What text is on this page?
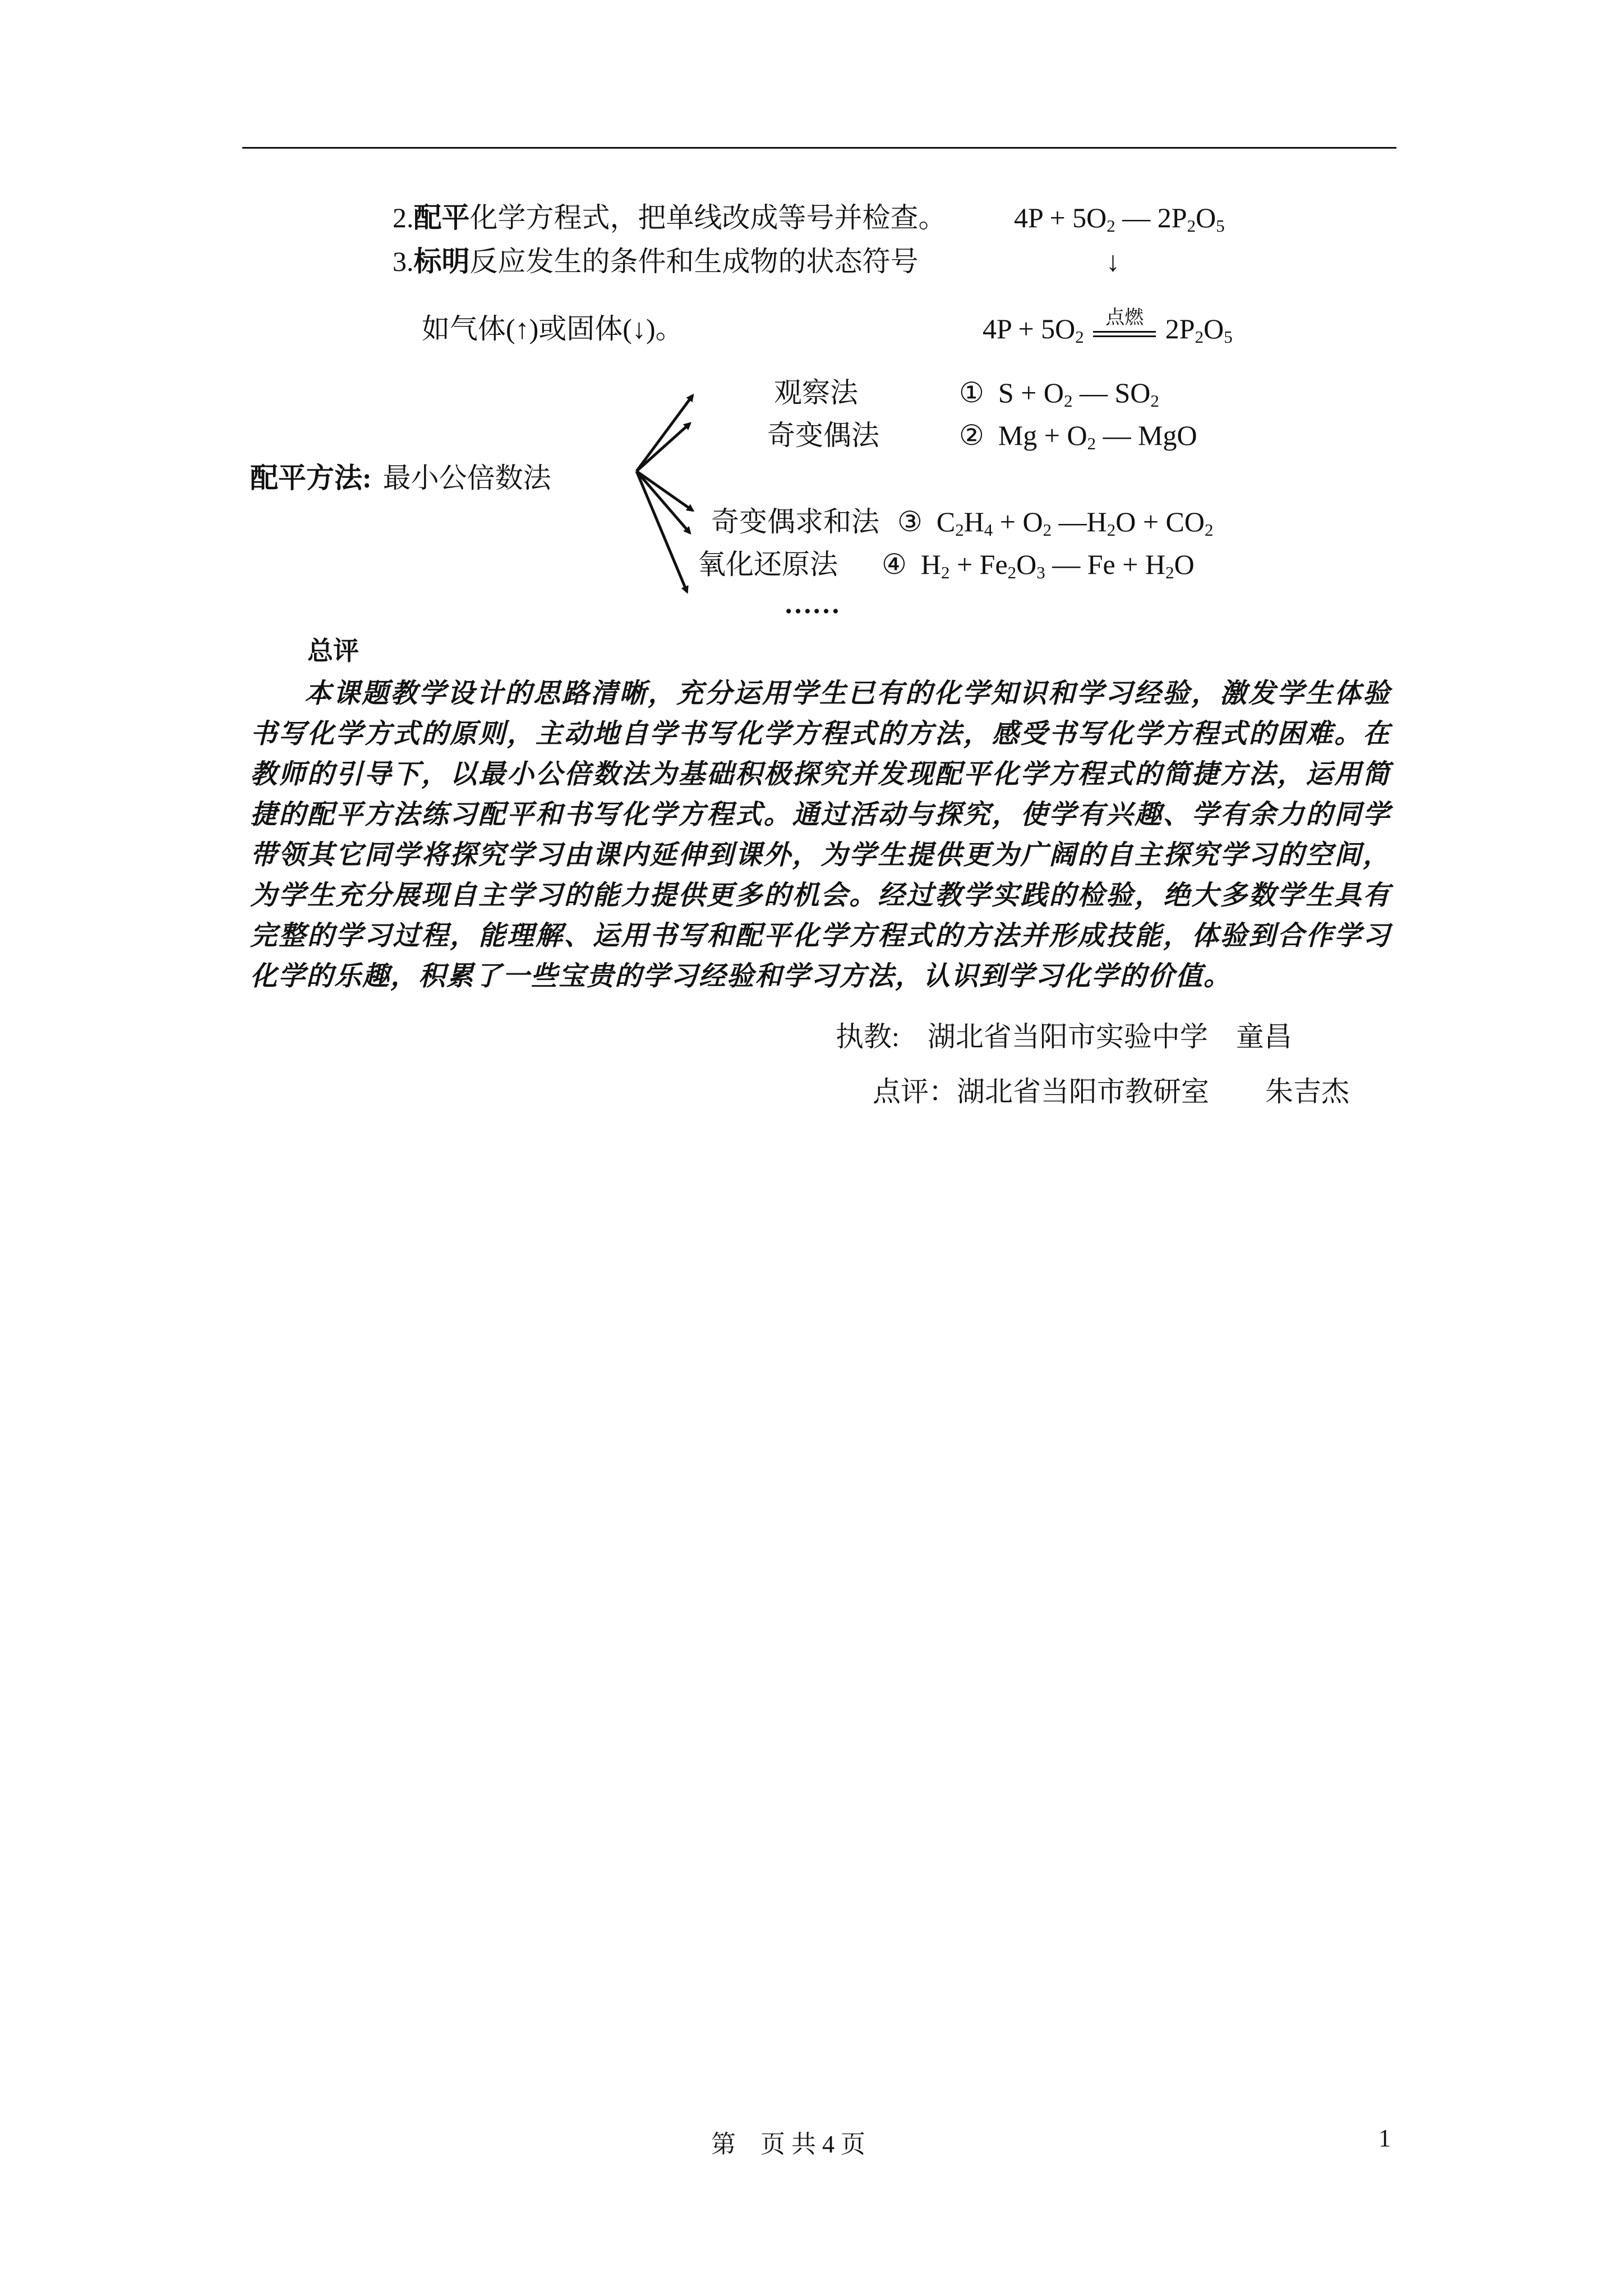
2.配平化学方程式，把单线改成等号并检查。 $4P + 5O_2$ — $2P_2O_5$
3.标明反应发生的条件和生成物的状态符号	↓
如气体(↑)或固体(↓)。	$4P + 5O_2$
点燃 $2P_2O_5$
配平方法: 最小公倍数法
观察法	①  $S + O_2$ — $SO_2$
奇变偶法	②  $Mg + O_2$ — MgO
奇变偶求和法 ③  $C_2H_4 + O_2$ $—H_2O + CO_2$
氧化还原法 ④  $H_2 + Fe_2O_3$ — $Fe + H_2O$
……
总评
本课题教学设计的思路清晰，充分运用学生已有的化学知识和学习经验，激发学生体验书写化学方式的原则，主动地自学书写化学方程式的方法，感受书写化学方程式的困难。在教师的引导下，以最小公倍数法为基础积极探究并发现配平化学方程式的简捷方法，运用简捷的配平方法练习配平和书写化学方程式。通过活动与探究，使学有兴趣、学有余力的同学带领其它同学将探究学习由课内延伸到课外，为学生提供更为广阔的自主探究学习的空间，为学生充分展现自主学习的能力提供更多的机会。经过教学实践的检验，绝大多数学生具有完整的学习过程，能理解、运用书写和配平化学方程式的方法并形成技能，体验到合作学习化学的乐趣，积累了一些宝贵的学习经验和学习方法，认识到学习化学的价值。
执教:　湖北省当阳市实验中学　童昌
点评：湖北省当阳市教研室　　朱吉杰
第　页 共 4 页	1
